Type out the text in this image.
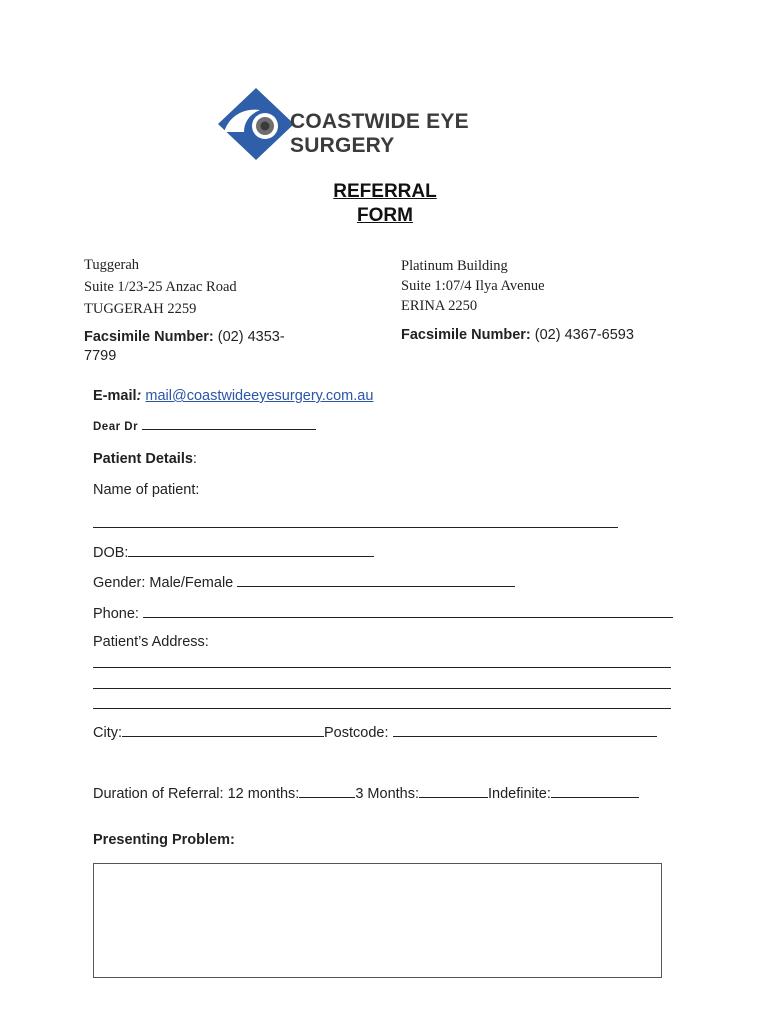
COASTWIDE EYE SURGERY
REFERRAL
FORM
Tuggerah
Suite 1/23-25 Anzac Road
TUGGERAH 2259
Facsimile Number: (02) 4353-
7799
Platinum Building
Suite 1:07/4 Ilya Avenue
ERINA 2250
Facsimile Number: (02) 4367-6593
E-mail: mail@coastwideeyesurgery.com.au
Dear Dr
Patient Details:
Name of patient:
DOB:
Gender: Male/Female
Phone:
Patient’s Address:
City:	Postcode:
Duration of Referral: 12 months:	3 Months:	Indefinite:
Presenting Problem:
